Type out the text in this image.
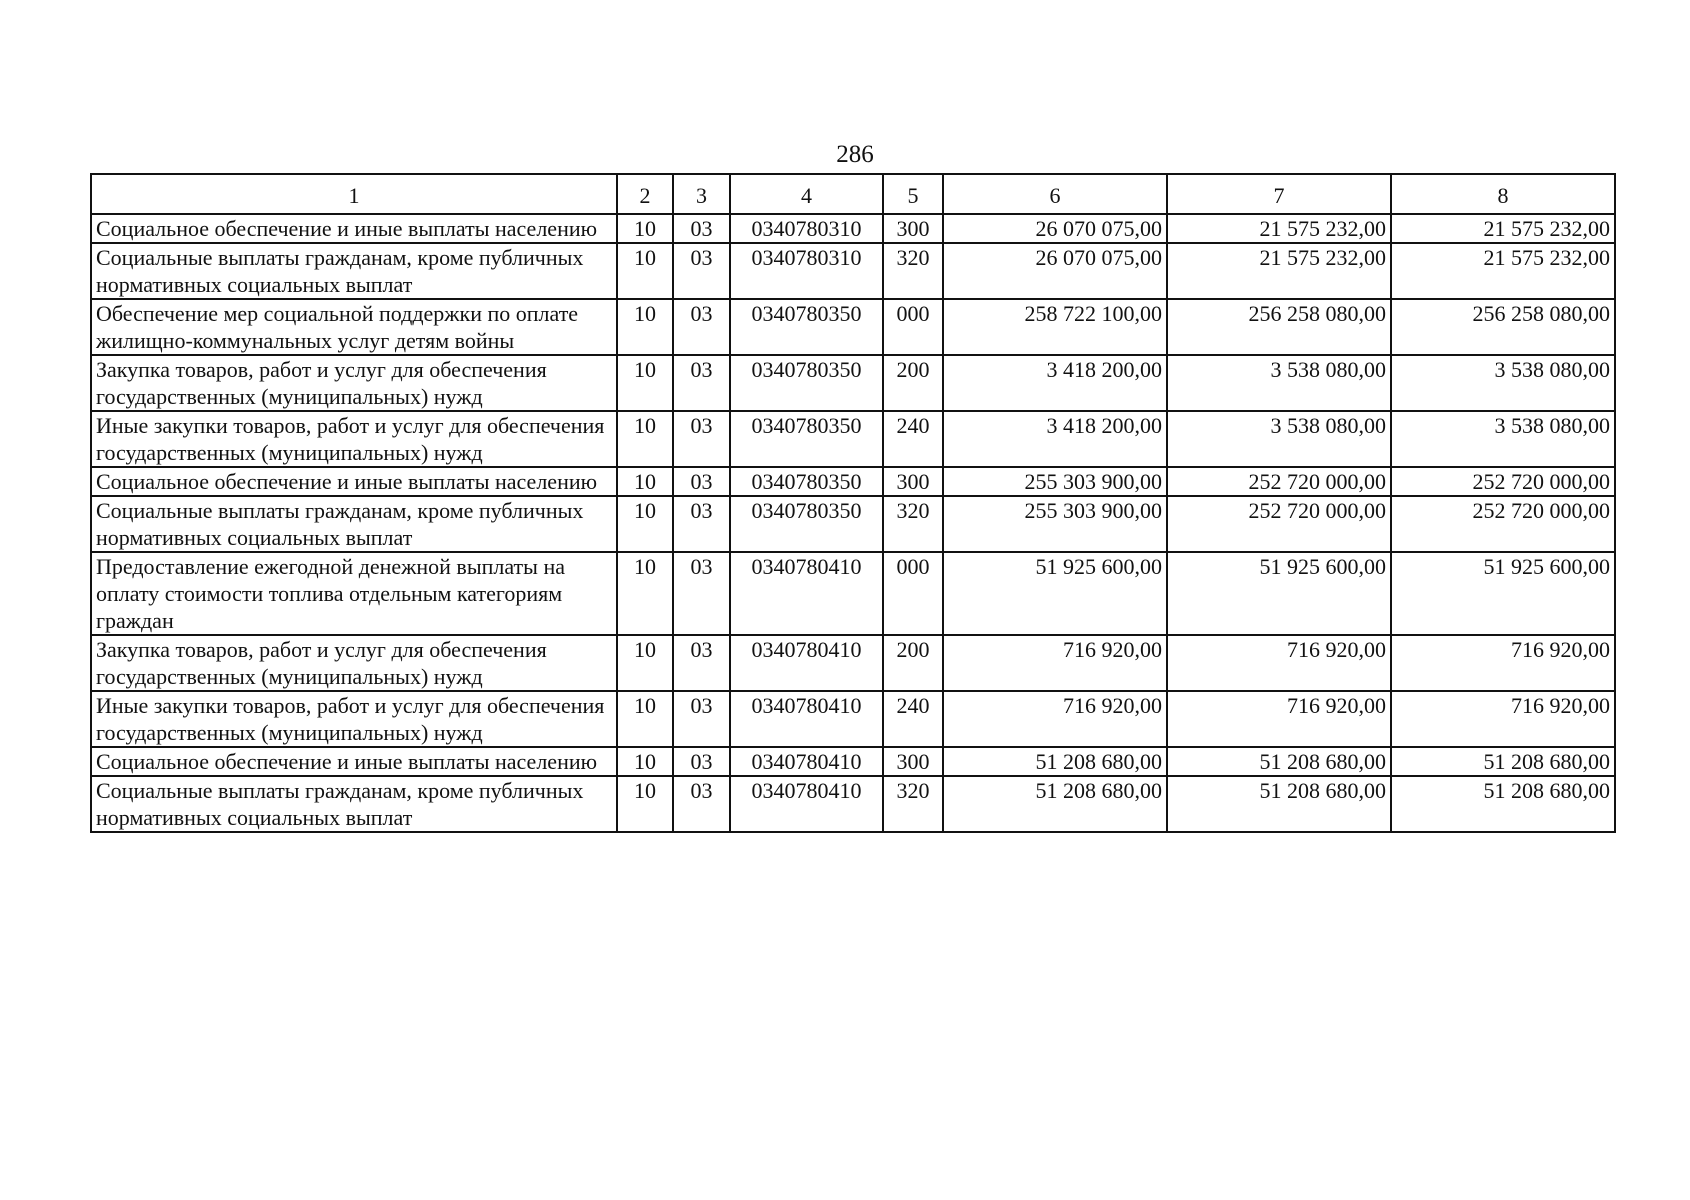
286
1	2	3	4	5	6	7	8
Социальное обеспечение и иные выплаты населению	10	03	0340780310	300	26 070 075,00	21 575 232,00	21 575 232,00
Социальные выплаты гражданам, кроме публичных нормативных социальных выплат	10	03	0340780310	320	26 070 075,00	21 575 232,00	21 575 232,00
Обеспечение мер социальной поддержки по оплате жилищно-коммунальных услуг детям войны	10	03	0340780350	000	258 722 100,00	256 258 080,00	256 258 080,00
Закупка товаров, работ и услуг для обеспечения государственных (муниципальных) нужд	10	03	0340780350	200	3 418 200,00	3 538 080,00	3 538 080,00
Иные закупки товаров, работ и услуг для обеспечения государственных (муниципальных) нужд	10	03	0340780350	240	3 418 200,00	3 538 080,00	3 538 080,00
Социальное обеспечение и иные выплаты населению	10	03	0340780350	300	255 303 900,00	252 720 000,00	252 720 000,00
Социальные выплаты гражданам, кроме публичных нормативных социальных выплат	10	03	0340780350	320	255 303 900,00	252 720 000,00	252 720 000,00
Предоставление ежегодной денежной выплаты на оплату стоимости топлива отдельным категориям граждан	10	03	0340780410	000	51 925 600,00	51 925 600,00	51 925 600,00
Закупка товаров, работ и услуг для обеспечения государственных (муниципальных) нужд	10	03	0340780410	200	716 920,00	716 920,00	716 920,00
Иные закупки товаров, работ и услуг для обеспечения государственных (муниципальных) нужд	10	03	0340780410	240	716 920,00	716 920,00	716 920,00
Социальное обеспечение и иные выплаты населению	10	03	0340780410	300	51 208 680,00	51 208 680,00	51 208 680,00
Социальные выплаты гражданам, кроме публичных нормативных социальных выплат	10	03	0340780410	320	51 208 680,00	51 208 680,00	51 208 680,00
